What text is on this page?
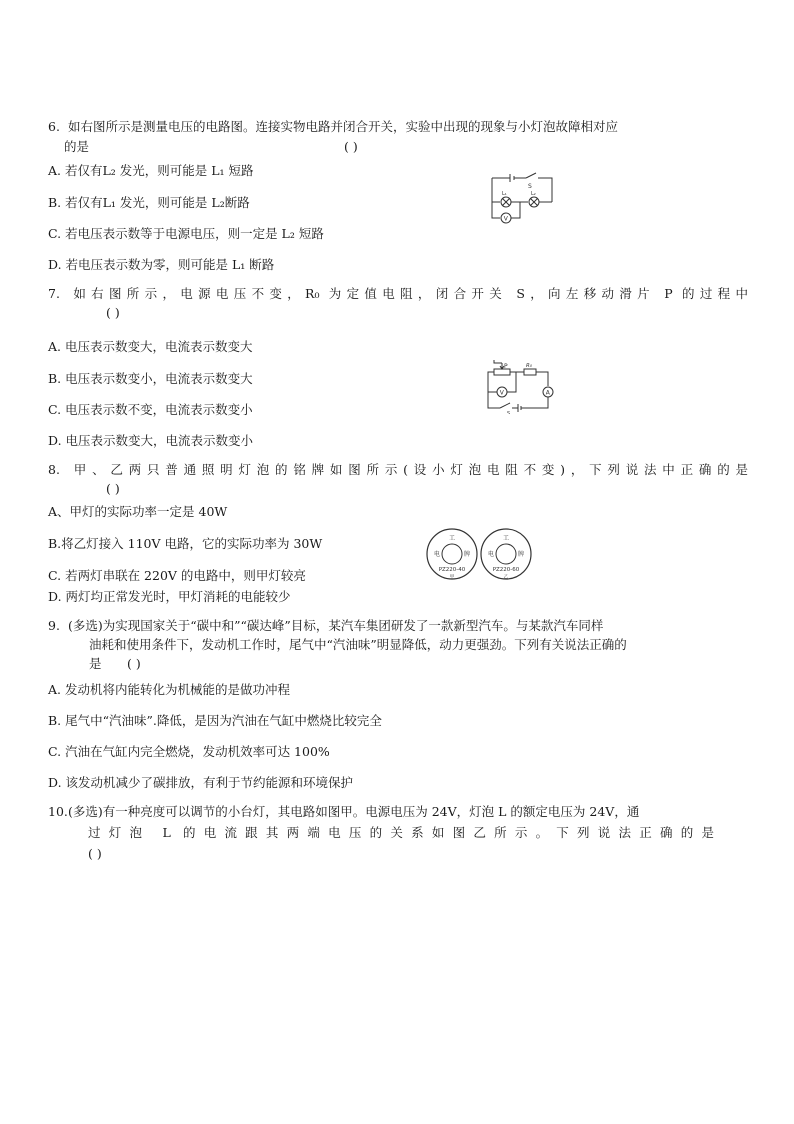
6. 如右图所示是测量电压的电路图。连接实物电路并闭合开关，实验中出现的现象与小灯泡故障相对应
的是	( )
A. 若仅有L₂ 发光，则可能是 L₁ 短路
B. 若仅有L₁ 发光，则可能是 L₂断路
C. 若电压表示数等于电源电压，则一定是 L₂ 短路
D. 若电压表示数为零，则可能是 L₁ 断路
S
L₁	L₂
V
7. 如右图所示，电源电压不变，R₀ 为定值电阻，闭合开关 S，向左移动滑片 P 的过程中
( )
A. 电压表示数变大，电流表示数变大
B. 电压表示数变小，电流表示数变大
C. 电压表示数不变，电流表示数变小
D. 电压表示数变大，电流表示数变小
P	R₀
V	A
S
8. 甲、乙两只普通照明灯泡的铭牌如图所示(设小灯泡电阻不变)，下列说法中正确的是
( )
A、甲灯的实际功率一定是 40W
B.将乙灯接入 110V 电路，它的实际功率为 30W
C. 若两灯串联在 220V 的电路中，则甲灯较亮
D. 两灯均正常发光时，甲灯消耗的电能较少
工
电	牌
PZ220-40
甲
工
电	牌
PZ220-60
乙
9. (多选)为实现国家关于“碳中和”“碳达峰”目标，某汽车集团研发了一款新型汽车。与某款汽车同样
油耗和使用条件下，发动机工作时，尾气中“汽油味”明显降低，动力更强劲。下列有关说法正确的
是 ( )
A. 发动机将内能转化为机械能的是做功冲程
B. 尾气中“汽油味”.降低，是因为汽油在气缸中燃烧比较完全
C. 汽油在气缸内完全燃烧，发动机效率可达 100%
D. 该发动机减少了碳排放，有利于节约能源和环境保护
10.(多选)有一种亮度可以调节的小台灯，其电路如图甲。电源电压为 24V，灯泡 L 的额定电压为 24V，通
过灯泡 L 的电流跟其两端电压的关系如图乙所示。下列说法正确的是
( )
